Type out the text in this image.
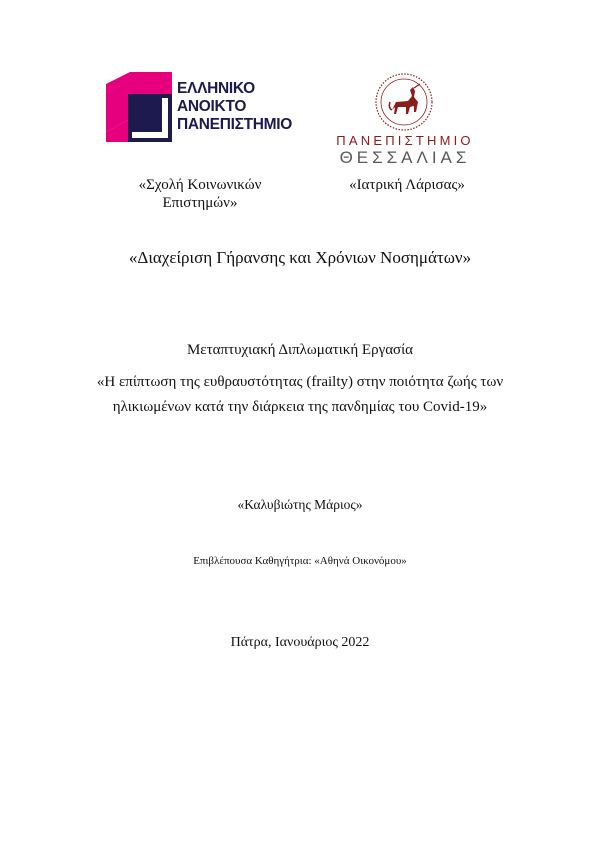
ΕΛΛΗΝΙΚΟ
ΑΝΟΙΚΤΟ
ΠΑΝΕΠΙΣΤΗΜΙΟ
ΠΑΝΕΠΙΣΤΗΜΙΟ
ΘΕΣΣΑΛΙΑΣ
«Σχολή Κοινωνικών Επιστημών»
«Ιατρική Λάρισας»
«Διαχείριση Γήρανσης και Χρόνιων Νοσημάτων»
Μεταπτυχιακή Διπλωματική Εργασία
«Η επίπτωση της ευθραυστότητας (frailty) στην ποιότητα ζωής των ηλικιωμένων κατά την διάρκεια της πανδημίας του Covid-19»
«Καλυβιώτης Μάριος»
Επιβλέπουσα Καθηγήτρια: «Αθηνά Οικονόμου»
Πάτρα, Ιανουάριος 2022
